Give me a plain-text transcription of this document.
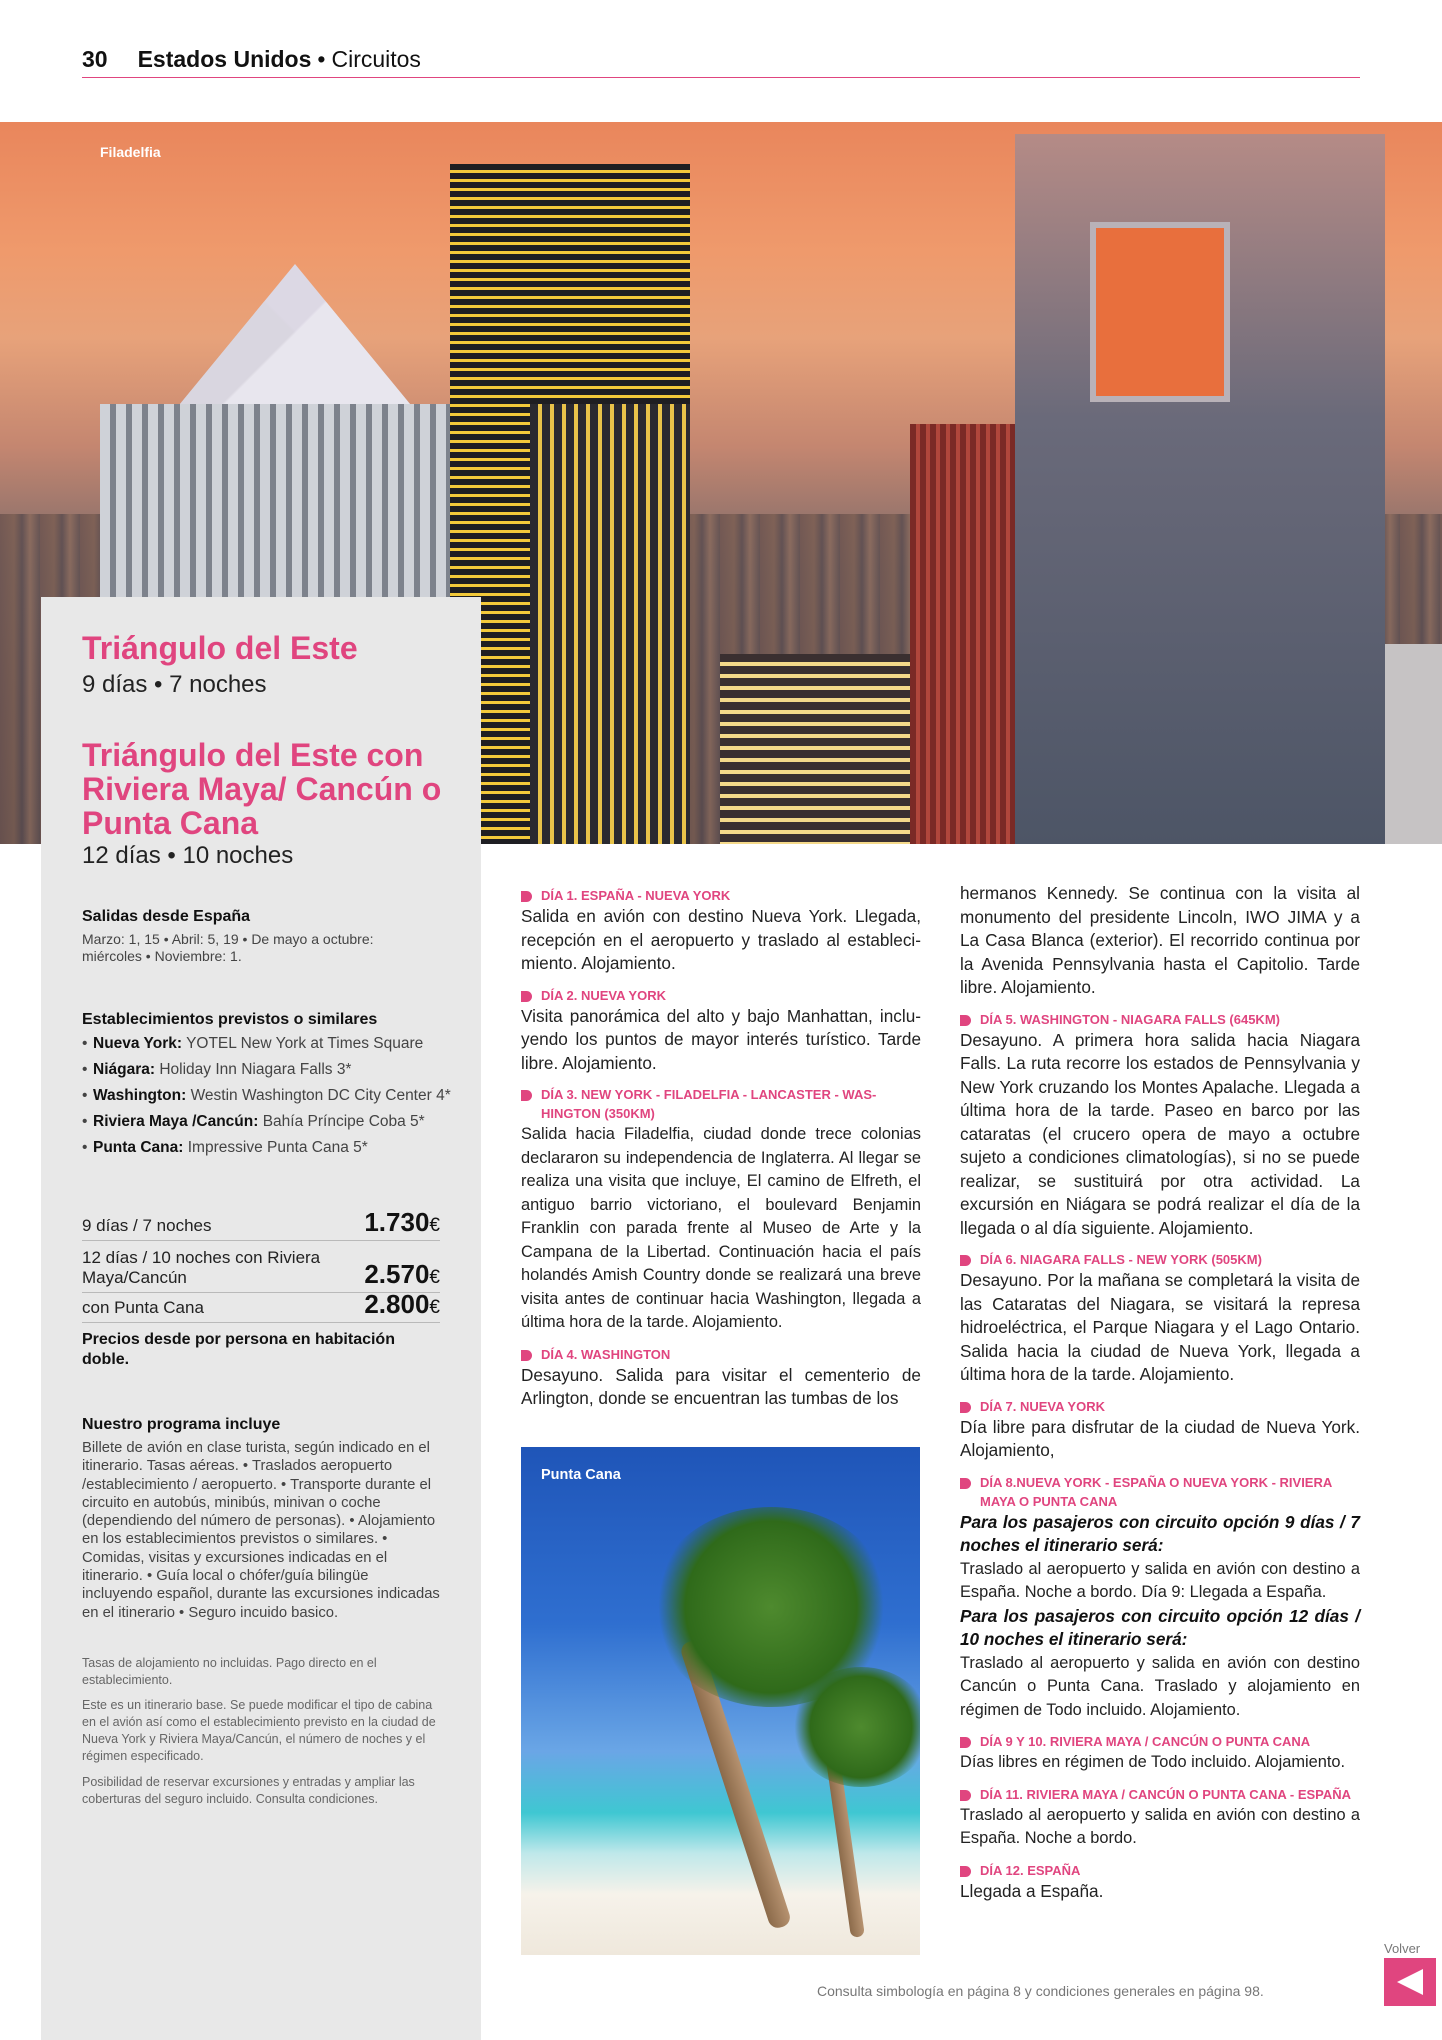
30 Estados Unidos • Circuitos
Filadelfia
Triángulo del Este
9 días • 7 noches
Triángulo del Este con Riviera Maya/ Cancún o Punta Cana
12 días • 10 noches
Salidas desde España
Marzo: 1, 15 • Abril: 5, 19 • De mayo a octubre: miércoles • Noviembre: 1.
Establecimientos previstos o similares
• Nueva York: YOTEL New York at Times Square
• Niágara: Holiday Inn Niagara Falls 3*
• Washington: Westin Washington DC City Center 4*
• Riviera Maya /Cancún: Bahía Príncipe Coba 5*
• Punta Cana: Impressive Punta Cana 5*
9 días / 7 noches	1.730€
12 días / 10 noches con Riviera Maya/Cancún	2.570€
con Punta Cana	2.800€
Precios desde por persona en habitación doble.
Nuestro programa incluye
Billete de avión en clase turista, según indicado en el itinerario. Tasas aéreas. • Traslados aeropuerto /establecimiento / aeropuerto. • Transporte durante el circuito en autobús, minibús, minivan o coche (dependiendo del número de personas). • Alojamiento en los establecimientos previstos o similares. • Comidas, visitas y excursiones indicadas en el itinerario. • Guía local o chófer/guía bilingüe incluyendo español, durante las excursiones indicadas en el itinerario • Seguro incuido basico.
Tasas de alojamiento no incluidas. Pago directo en el establecimiento.
Este es un itinerario base. Se puede modificar el tipo de cabina en el avión así como el establecimiento previsto en la ciudad de Nueva York y Riviera Maya/Cancún, el número de noches y el régimen especificado.
Posibilidad de reservar excursiones y entradas y ampliar las coberturas del seguro incluido. Consulta condiciones.
DÍA 1. ESPAÑA - NUEVA YORK
Salida en avión con destino Nueva York. Llegada, recepción en el aeropuerto y traslado al establecimiento. Alojamiento.
DÍA 2. NUEVA YORK
Visita panorámica del alto y bajo Manhattan, incluyendo los puntos de mayor interés turístico. Tarde libre. Alojamiento.
DÍA 3. NEW YORK - FILADELFIA - LANCASTER - WASHINGTON (350KM)
Salida hacia Filadelfia, ciudad donde trece colonias declararon su independencia de Inglaterra. Al llegar se realiza una visita que incluye, El camino de Elfreth, el antiguo barrio victoriano, el boulevard Benjamin Franklin con parada frente al Museo de Arte y la Campana de la Libertad. Continuación hacia el país holandés Amish Country donde se realizará una breve visita antes de continuar hacia Washington, llegada a última hora de la tarde. Alojamiento.
DÍA 4. WASHINGTON
Desayuno. Salida para visitar el cementerio de Arlington, donde se encuentran las tumbas de los
Punta Cana
hermanos Kennedy. Se continua con la visita al monumento del presidente Lincoln, IWO JIMA y a La Casa Blanca (exterior). El recorrido continua por la Avenida Pennsylvania hasta el Capitolio. Tarde libre. Alojamiento.
DÍA 5. WASHINGTON - NIAGARA FALLS (645KM)
Desayuno. A primera hora salida hacia Niagara Falls. La ruta recorre los estados de Pennsylvania y New York cruzando los Montes Apalache. Llegada a última hora de la tarde. Paseo en barco por las cataratas (el crucero opera de mayo a octubre sujeto a condiciones climatologías), si no se puede realizar, se sustituirá por otra actividad. La excursión en Niágara se podrá realizar el día de la llegada o al día siguiente. Alojamiento.
DÍA 6. NIAGARA FALLS - NEW YORK (505KM)
Desayuno. Por la mañana se completará la visita de las Cataratas del Niagara, se visitará la represa hidroeléctrica, el Parque Niagara y el Lago Ontario. Salida hacia la ciudad de Nueva York, llegada a última hora de la tarde. Alojamiento.
DÍA 7. NUEVA YORK
Día libre para disfrutar de la ciudad de Nueva York. Alojamiento,
DÍA 8.NUEVA YORK - ESPAÑA O NUEVA YORK - RIVIERA MAYA O PUNTA CANA
Para los pasajeros con circuito opción 9 días / 7 noches el itinerario será:
Traslado al aeropuerto y salida en avión con destino a España. Noche a bordo. Día 9: Llegada a España.
Para los pasajeros con circuito opción 12 días / 10 noches el itinerario será:
Traslado al aeropuerto y salida en avión con destino Cancún o Punta Cana. Traslado y alojamiento en régimen de Todo incluido. Alojamiento.
DÍA 9 Y 10. RIVIERA MAYA / CANCÚN O PUNTA CANA
Días libres en régimen de Todo incluido. Alojamiento.
DÍA 11. RIVIERA MAYA / CANCÚN O PUNTA CANA - ESPAÑA
Traslado al aeropuerto y salida en avión con destino a España. Noche a bordo.
DÍA 12. ESPAÑA
Llegada a España.
Consulta simbología en página 8 y condiciones generales en página 98.
Volver
